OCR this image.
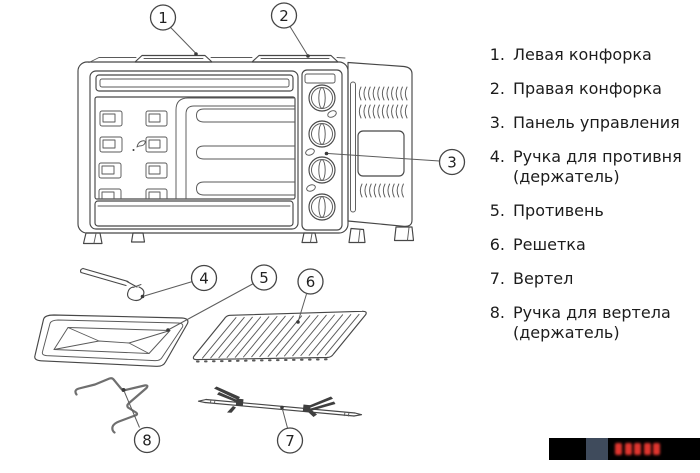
1	2
3
4	5 6
7
8
1. Левая конфорка
2. Правая конфорка
3. Панель управления
4. Ручка для противня
(держатель)
5. Противень
6. Решетка
7. Вертел
8. Ручка для вертела
(держатель)
